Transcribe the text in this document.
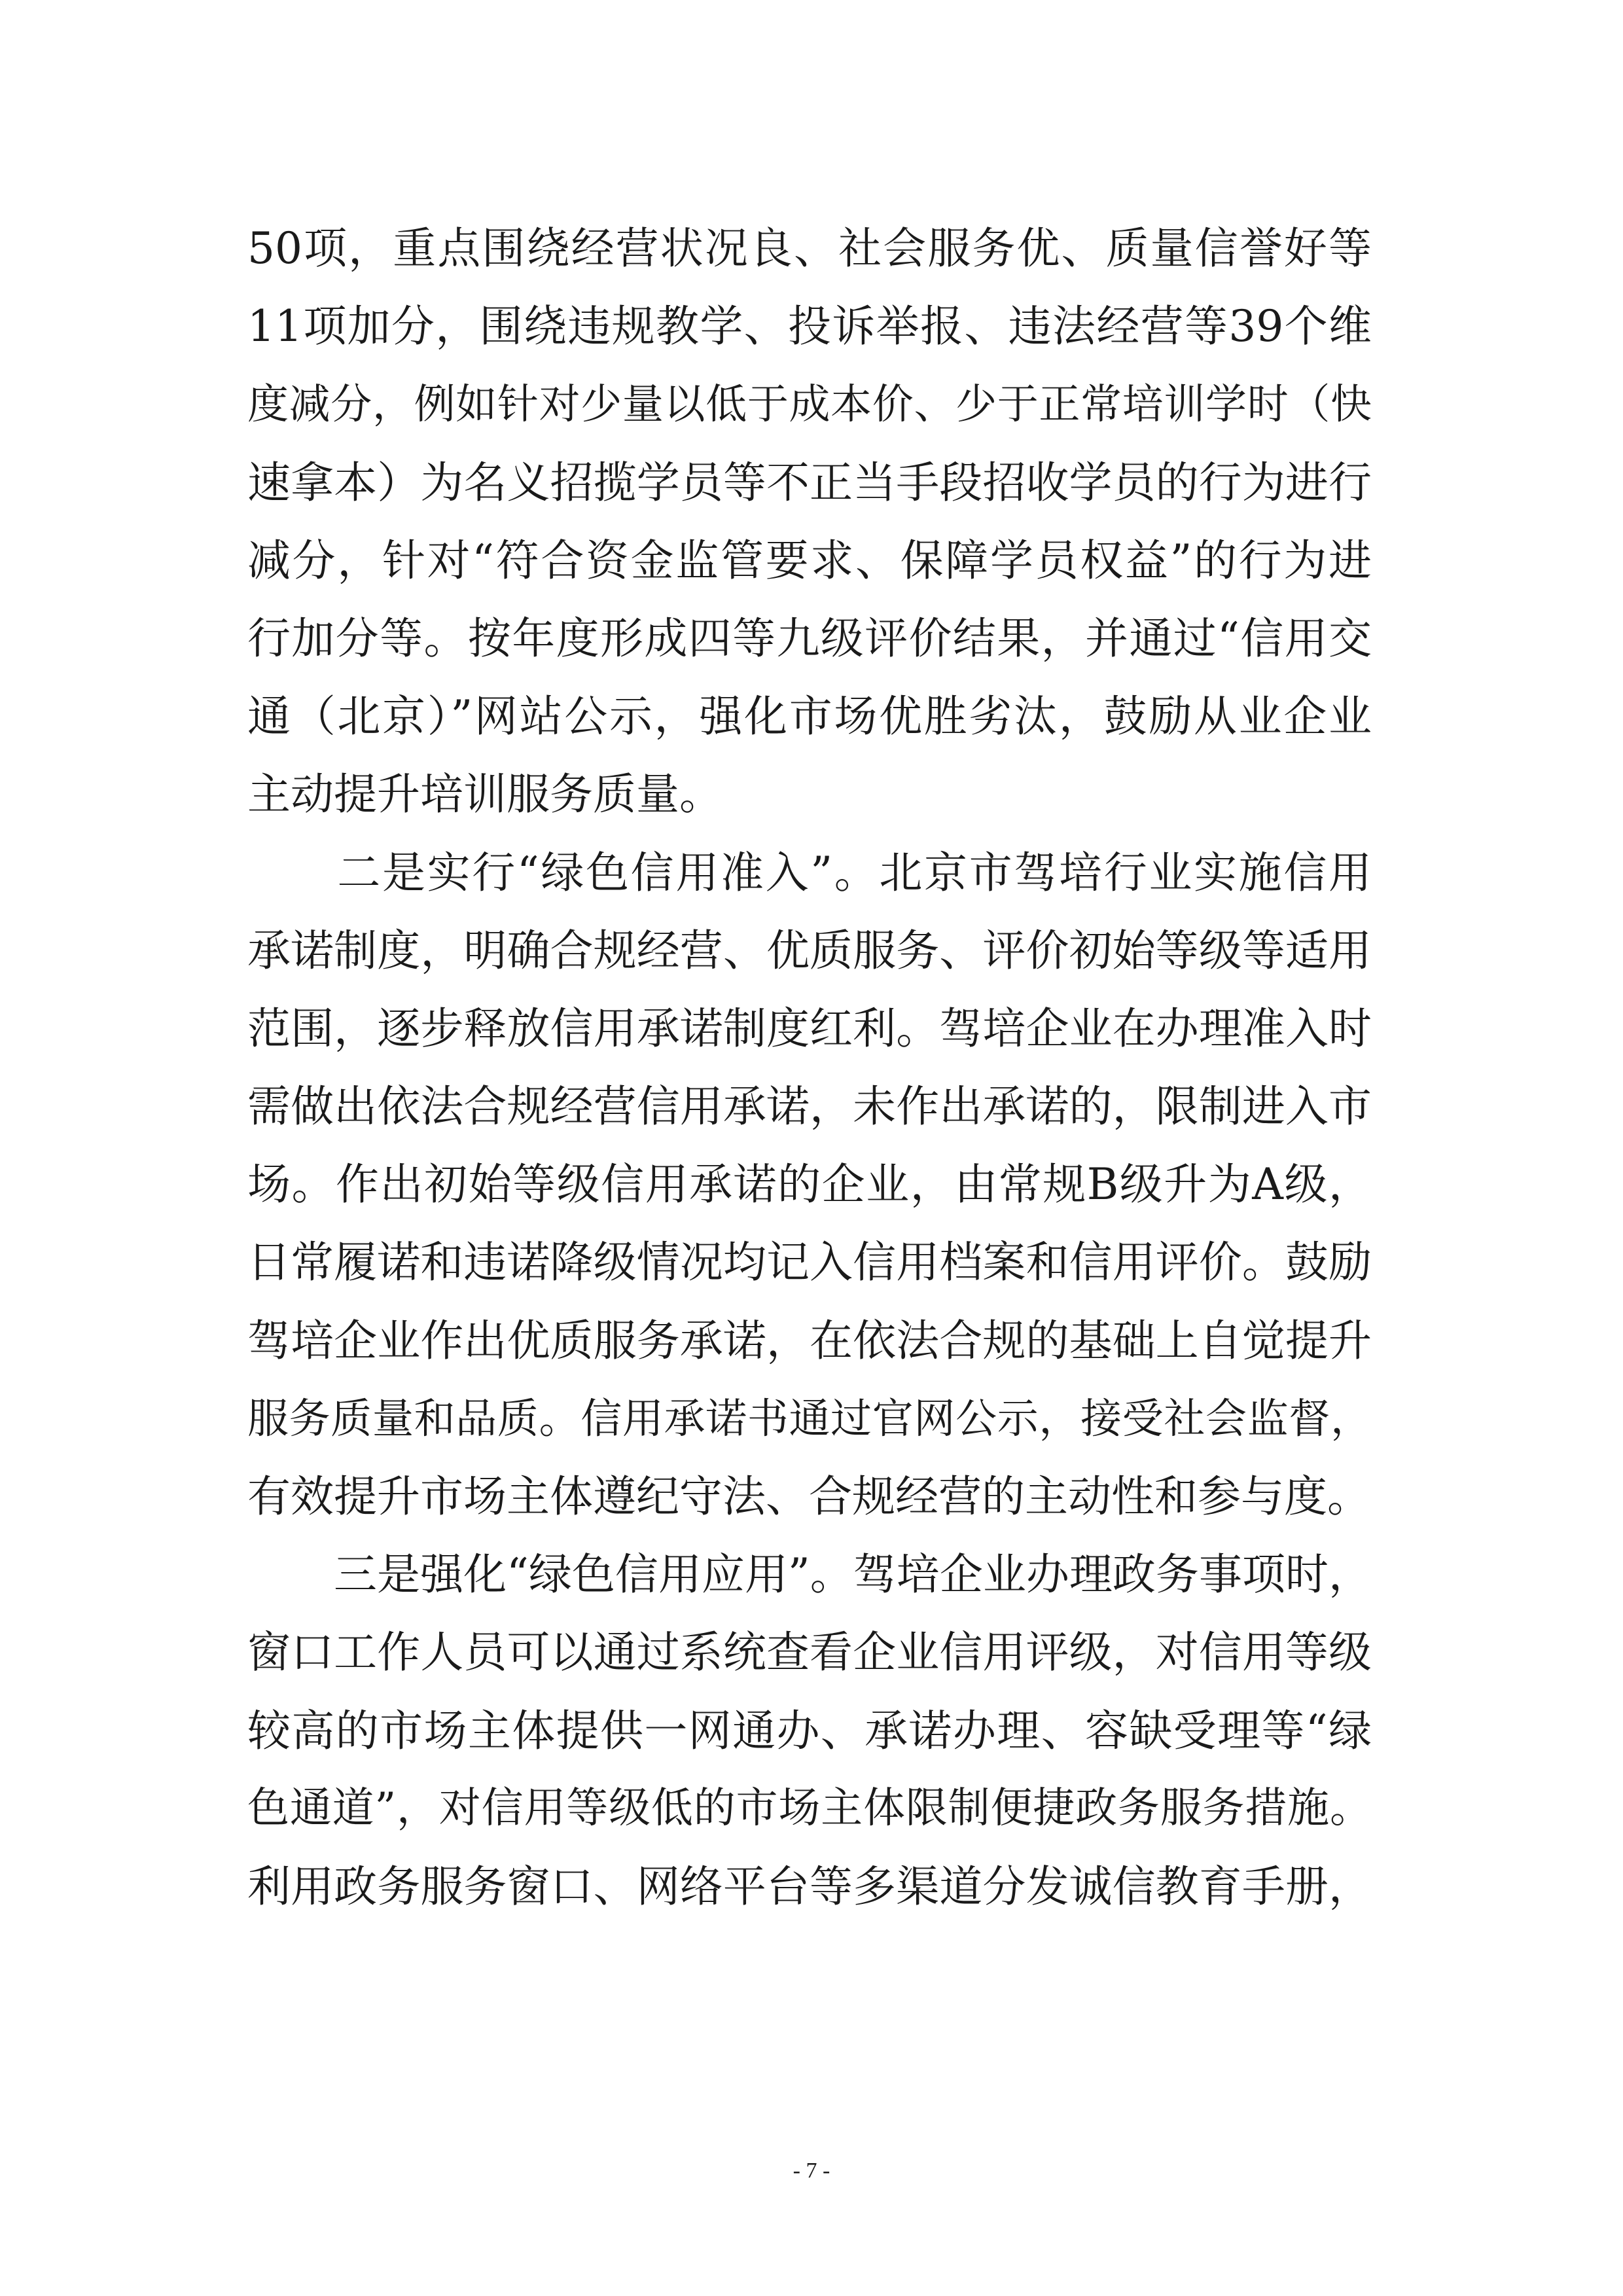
50项，重点围绕经营状况良、社会服务优、质量信誉好等

11项加分，围绕违规教学、投诉举报、违法经营等39个维

度减分，例如针对少量以低于成本价、少于正常培训学时（快

速拿本）为名义招揽学员等不正当手段招收学员的行为进行

减分，针对“符合资金监管要求、保障学员权益”的行为进

行加分等。按年度形成四等九级评价结果，并通过“信用交

通（北京）”网站公示，强化市场优胜劣汰，鼓励从业企业

主动提升培训服务质量。

　　二是实行“绿色信用准入”。北京市驾培行业实施信用

承诺制度，明确合规经营、优质服务、评价初始等级等适用

范围，逐步释放信用承诺制度红利。驾培企业在办理准入时

需做出依法合规经营信用承诺，未作出承诺的，限制进入市

场。作出初始等级信用承诺的企业，由常规B级升为A级，

日常履诺和违诺降级情况均记入信用档案和信用评价。鼓励

驾培企业作出优质服务承诺，在依法合规的基础上自觉提升

服务质量和品质。信用承诺书通过官网公示，接受社会监督，

有效提升市场主体遵纪守法、合规经营的主动性和参与度。

　　三是强化“绿色信用应用”。驾培企业办理政务事项时，

窗口工作人员可以通过系统查看企业信用评级，对信用等级

较高的市场主体提供一网通办、承诺办理、容缺受理等“绿

色通道”，对信用等级低的市场主体限制便捷政务服务措施。

利用政务服务窗口、网络平台等多渠道分发诚信教育手册，

- 7 -
